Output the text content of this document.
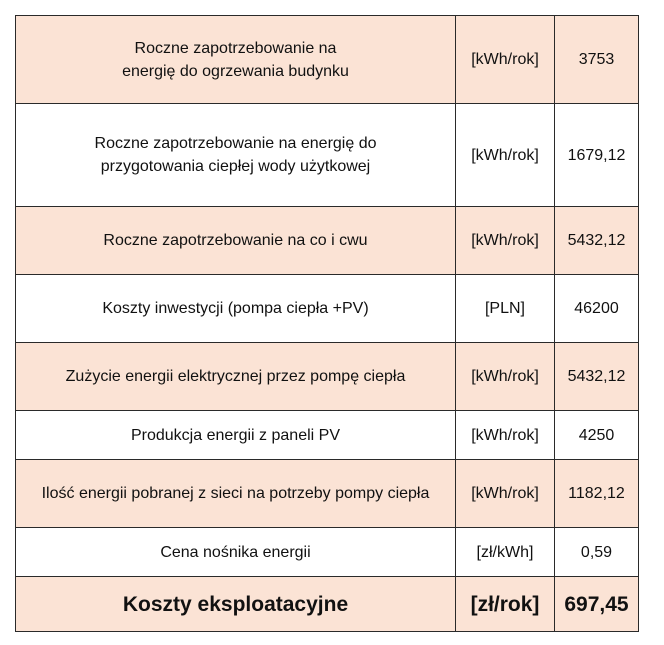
Roczne zapotrzebowanie na
energię do ogrzewania budynku	[kWh/rok]	3753

Roczne zapotrzebowanie na energię do
przygotowania ciepłej wody użytkowej	[kWh/rok]	1679,12

Roczne zapotrzebowanie na co i cwu	[kWh/rok]	5432,12

Koszty inwestycji (pompa ciepła +PV)	[PLN]	46200

Zużycie energii elektrycznej przez pompę ciepła	[kWh/rok]	5432,12

Produkcja energii z paneli PV	[kWh/rok]	4250

Ilość energii pobranej z sieci na potrzeby pompy ciepła	[kWh/rok]	1182,12

Cena nośnika energii	[zł/kWh]	0,59
Koszty eksploatacyjne	[zł/rok]	697,45
